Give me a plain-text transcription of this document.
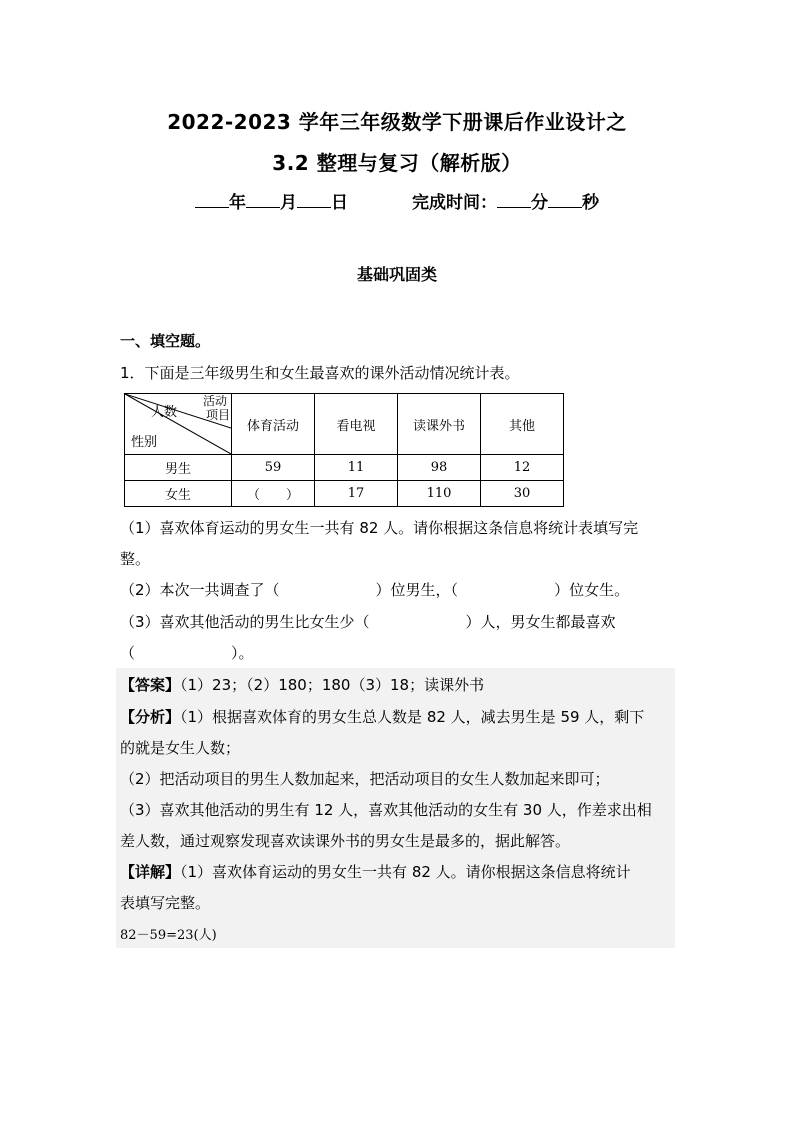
2022-2023 学年三年级数学下册课后作业设计之
3.2 整理与复习（解析版）
年 月 日	完成时间： 分 秒
基础巩固类
一、填空题。
1．下面是三年级男生和女生最喜欢的课外活动情况统计表。
活动
项目
人数
性别	体育活动	看电视	读课外书	其他
男生	59	11	98	12
女生	（　　）	17	110	30
（1）喜欢体育运动的男女生一共有 82 人。请你根据这条信息将统计表填写完
整。
（2）本次一共调查了（	）位男生，（	）位女生。
（3）喜欢其他活动的男生比女生少（	）人，男女生都最喜欢
（	）。
【答案】（1）23；（2）180；180（3）18；读课外书
【分析】（1）根据喜欢体育的男女生总人数是 82 人，减去男生是 59 人，剩下
的就是女生人数；
（2）把活动项目的男生人数加起来，把活动项目的女生人数加起来即可；
（3）喜欢其他活动的男生有 12 人，喜欢其他活动的女生有 30 人，作差求出相
差人数，通过观察发现喜欢读课外书的男女生是最多的，据此解答。
【详解】（1）喜欢体育运动的男女生一共有 82 人。请你根据这条信息将统计
表填写完整。
82－59=23(人)
